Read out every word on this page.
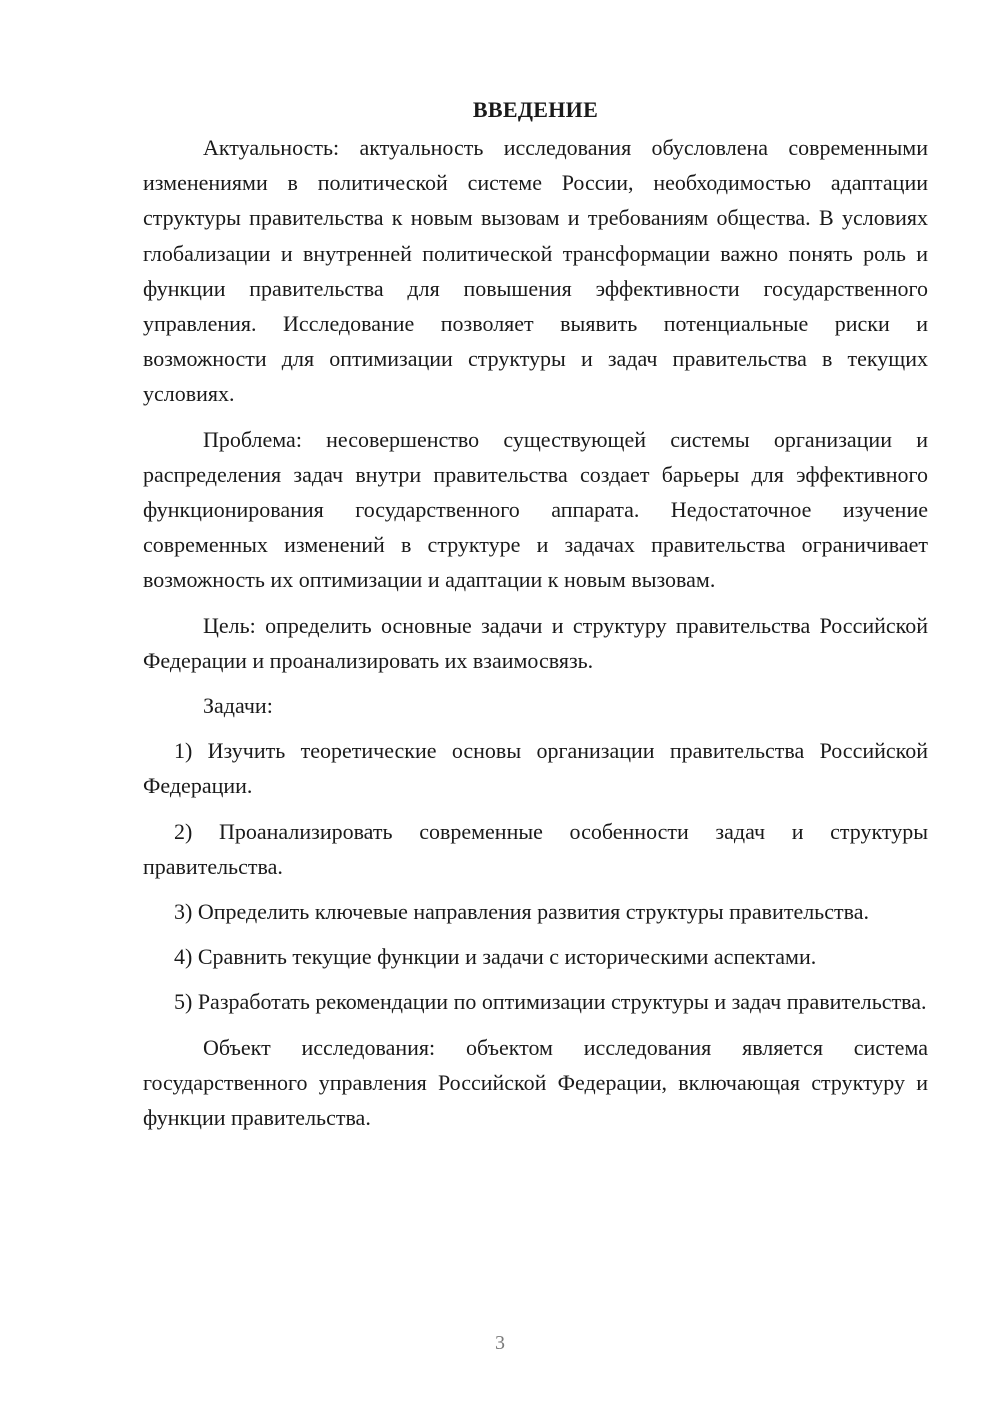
ВВЕДЕНИЕ

Актуальность: актуальность исследования обусловлена современными изменениями в политической системе России, необходимостью адаптации структуры правительства к новым вызовам и требованиям общества. В условиях глобализации и внутренней политической трансформации важно понять роль и функции правительства для повышения эффективности государственного управления. Исследование позволяет выявить потенциальные риски и возможности для оптимизации структуры и задач правительства в текущих условиях.

Проблема: несовершенство существующей системы организации и распределения задач внутри правительства создает барьеры для эффективного функционирования государственного аппарата. Недостаточное изучение современных изменений в структуре и задачах правительства ограничивает возможность их оптимизации и адаптации к новым вызовам.

Цель: определить основные задачи и структуру правительства Российской Федерации и проанализировать их взаимосвязь.

Задачи:

1) Изучить теоретические основы организации правительства Российской Федерации.

2) Проанализировать современные особенности задач и структуры правительства.

3) Определить ключевые направления развития структуры правительства.

4) Сравнить текущие функции и задачи с историческими аспектами.

5) Разработать рекомендации по оптимизации структуры и задач правительства.

Объект исследования: объектом исследования является система государственного управления Российской Федерации, включающая структуру и функции правительства.

3
